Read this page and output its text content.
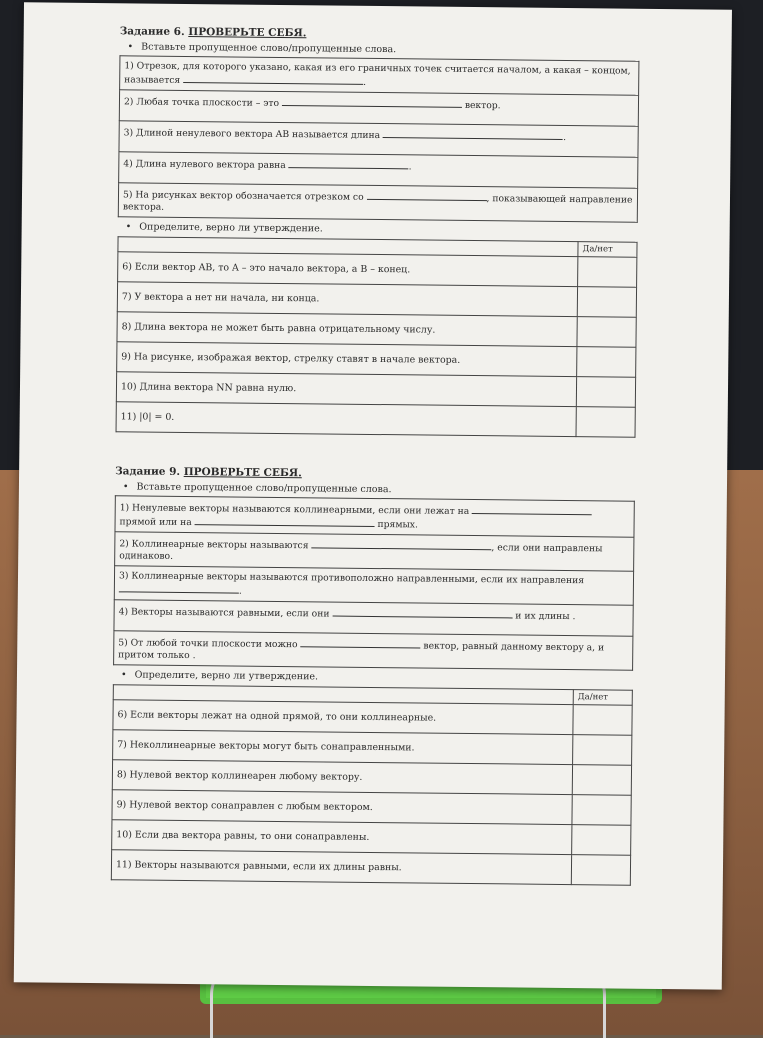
Задание 6. ПРОВЕРЬТЕ СЕБЯ.
• Вставьте пропущенное слово/пропущенные слова.
1) Отрезок, для которого указано, какая из его граничных точек считается началом, а какая – концом, называется	.
2) Любая точка плоскости – это	вектор.
3) Длиной ненулевого вектора AB называется длина	.
4) Длина нулевого вектора равна	.
5) На рисунках вектор обозначается отрезком со	, показывающей направление вектора.
• Определите, верно ли утверждение.
	Да/нет
6) Если вектор AB, то A – это начало вектора, а B – конец.	
7) У вектора a нет ни начала, ни конца.	
8) Длина вектора не может быть равна отрицательному числу.	
9) На рисунке, изображая вектор, стрелку ставят в начале вектора.	
10) Длина вектора NN равна нулю.	
11) |0| = 0.	
Задание 9. ПРОВЕРЬТЕ СЕБЯ.
• Вставьте пропущенное слово/пропущенные слова.
1) Ненулевые векторы называются коллинеарными, если они лежат на  прямой или на	прямых.
2) Коллинеарные векторы называются	, если они направлены одинаково.
3) Коллинеарные векторы называются противоположно направленными, если их направления .
4) Векторы называются равными, если они	и их длины .
5) От любой точки плоскости можно	вектор, равный данному вектору a, и притом только .
• Определите, верно ли утверждение.
	Да/нет
6) Если векторы лежат на одной прямой, то они коллинеарные.	
7) Неколлинеарные векторы могут быть сонаправленными.	
8) Нулевой вектор коллинеарен любому вектору.	
9) Нулевой вектор сонаправлен с любым вектором.	
10) Если два вектора равны, то они сонаправлены.	
11) Векторы называются равными, если их длины равны.	
